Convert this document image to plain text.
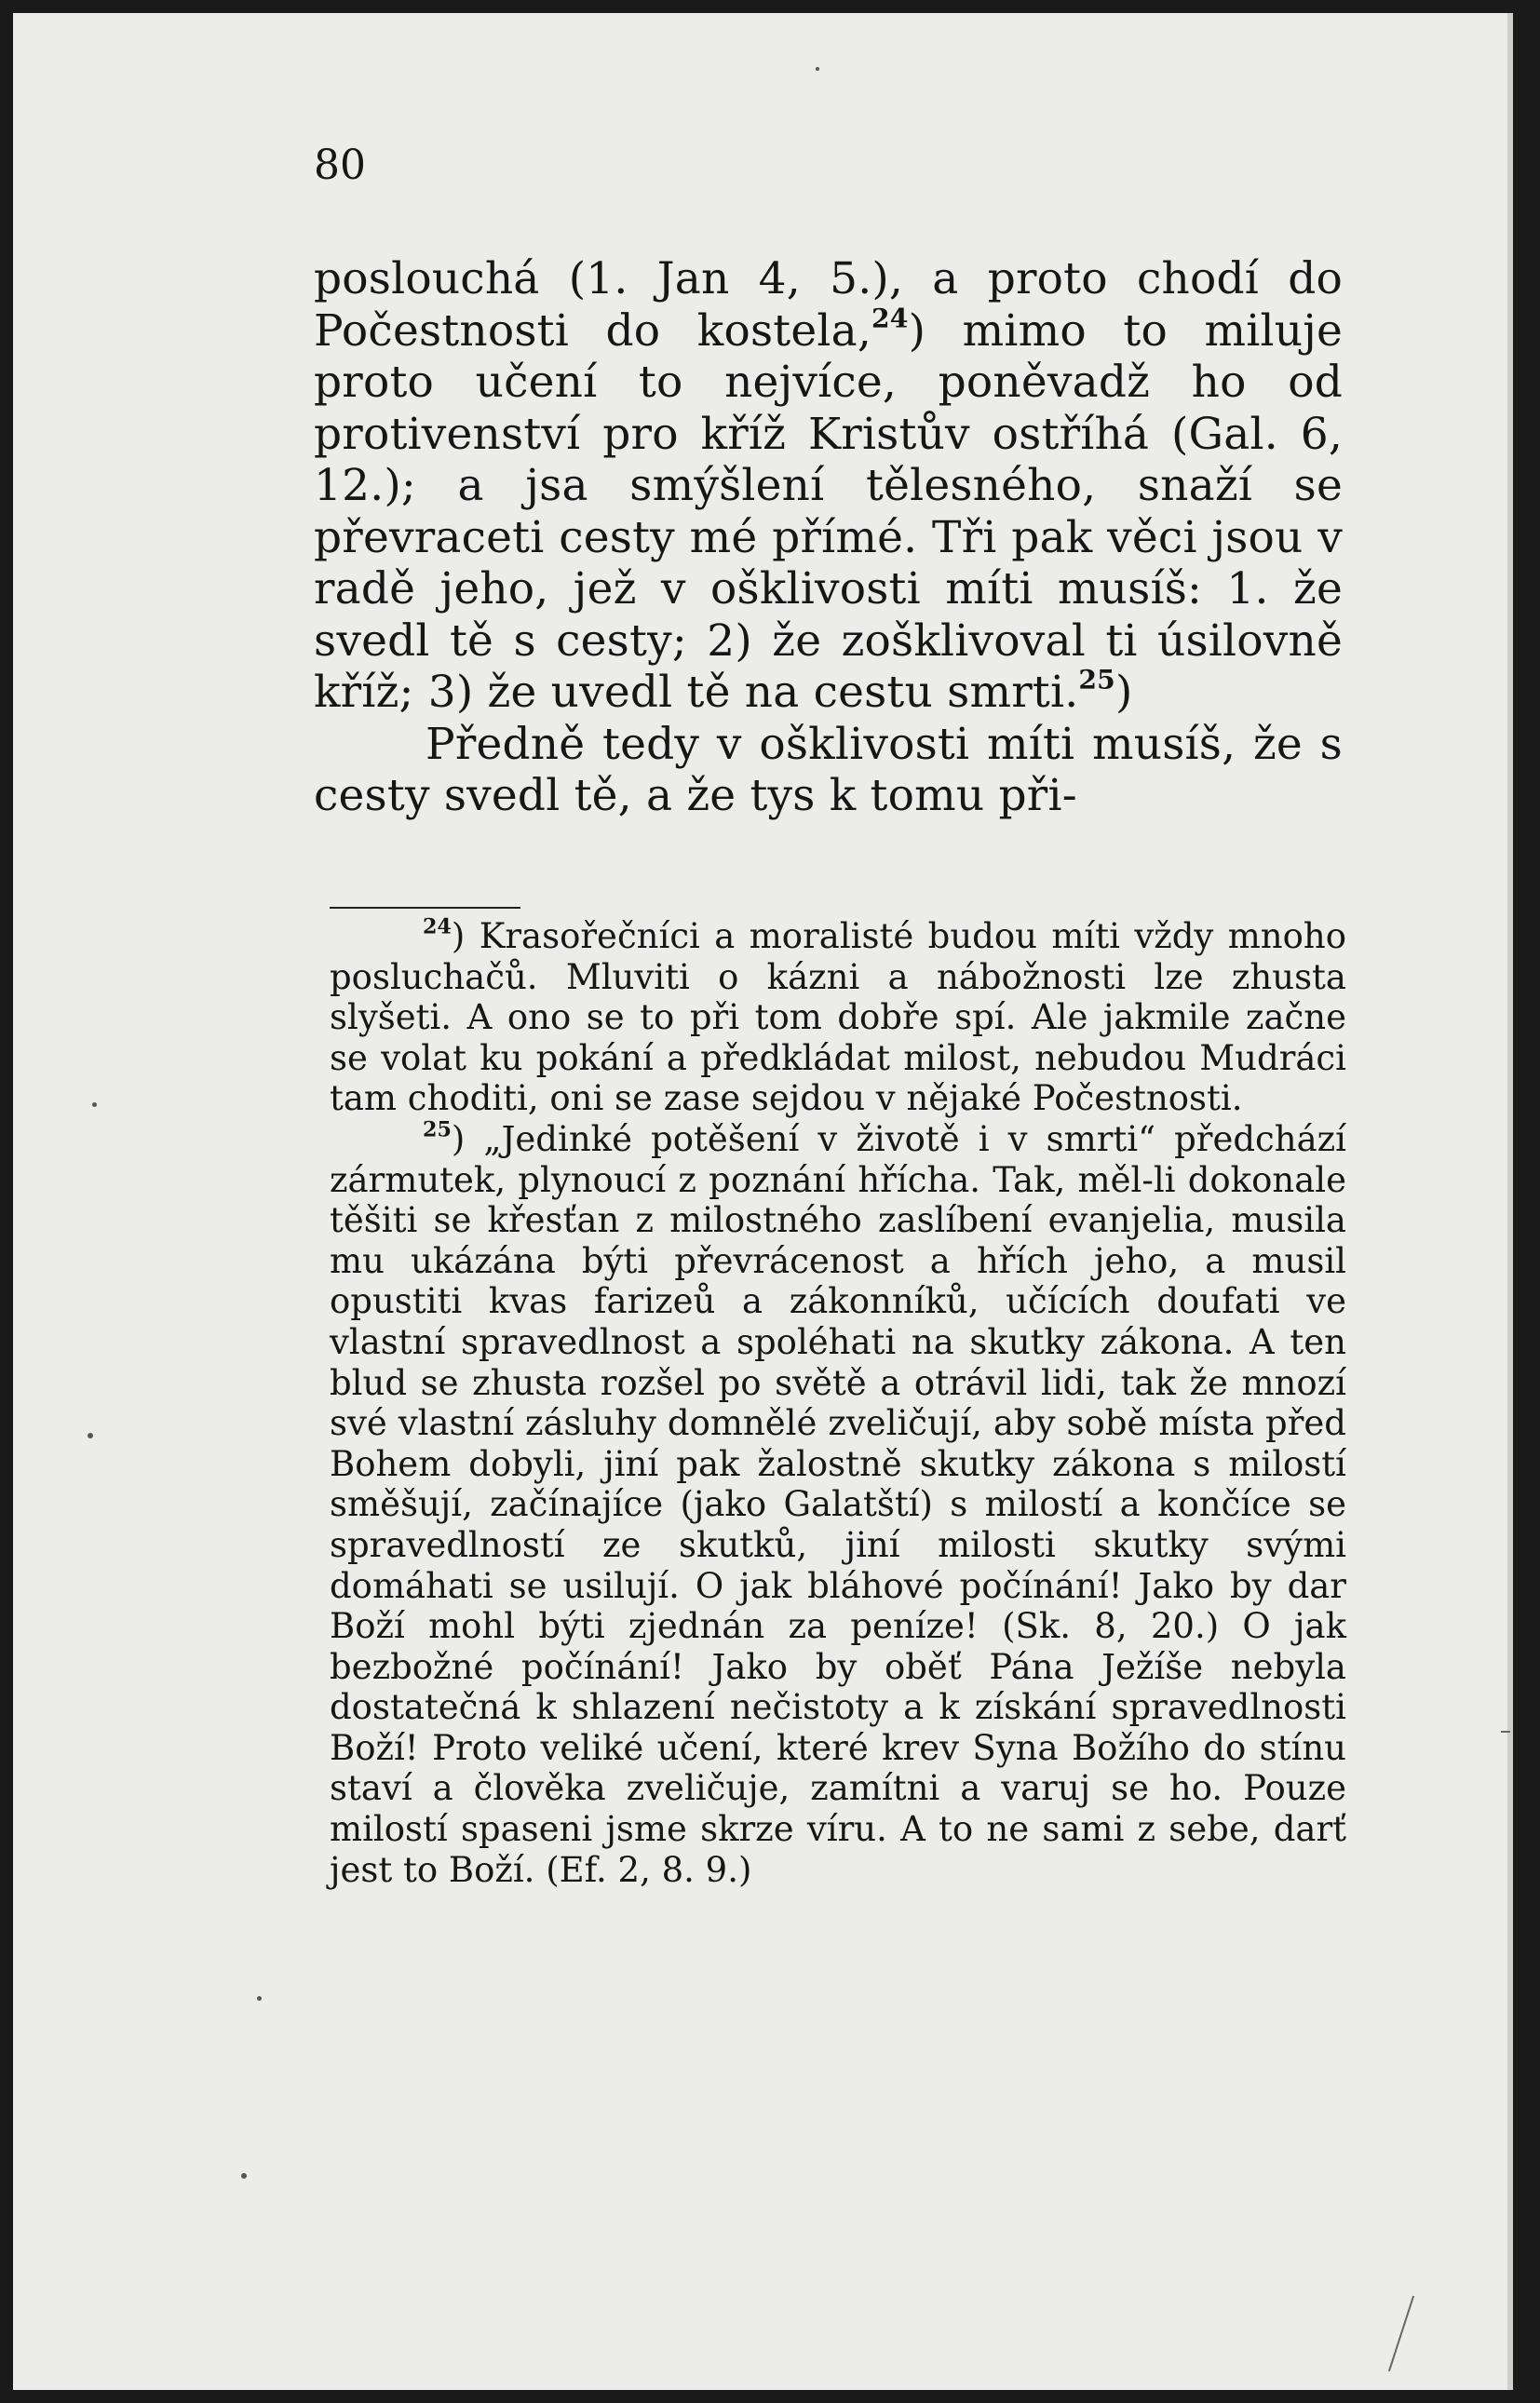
80

poslouchá (1. Jan 4, 5.), a proto chodí do Počestnosti do kostela,$^{24}$) mimo to miluje proto učení to nejvíce, poněvadž ho od protivenství pro kříž Kristův ostříhá (Gal. 6, 12.); a jsa smýšlení tělesného, snaží se převraceti cesty mé přímé. Tři pak věci jsou v radě jeho, jež v ošklivosti míti musíš: 1. že svedl tě s cesty; 2) že zošklivoval ti úsilovně kříž; 3) že uvedl tě na cestu smrti.$^{25}$)

Předně tedy v ošklivosti míti musíš, že s cesty svedl tě, a že tys k tomu při-

$^{24}$) Krasořečníci a moralisté budou míti vždy mnoho posluchačů. Mluviti o kázni a nábožnosti lze zhusta slyšeti. A ono se to při tom dobře spí. Ale jakmile začne se volat ku pokání a předkládat milost, nebudou Mudráci tam choditi, oni se zase sejdou v nějaké Počestnosti.

$^{25}$) „Jedinké potěšení v životě i v smrti“ předchází zármutek, plynoucí z poznání hřícha. Tak, měl-li dokonale těšiti se křesťan z milostného zaslíbení evanjelia, musila mu ukázána býti převrácenost a hřích jeho, a musil opustiti kvas farizeů a zákonníků, učících doufati ve vlastní spravedlnost a spoléhati na skutky zákona. A ten blud se zhusta rozšel po světě a otrávil lidi, tak že mnozí své vlastní zásluhy domnělé zveličují, aby sobě místa před Bohem dobyli, jiní pak žalostně skutky zákona s milostí směšují, začínajíce (jako Galatští) s milostí a končíce se spravedlností ze skutků, jiní milosti skutky svými domáhati se usilují. O jak bláhové počínání! Jako by dar Boží mohl býti zjednán za peníze! (Sk. 8, 20.) O jak bezbožné počínání! Jako by oběť Pána Ježíše nebyla dostatečná k shlazení nečistoty a k získání spravedlnosti Boží! Proto veliké učení, které krev Syna Božího do stínu staví a člověka zveličuje, zamítni a varuj se ho. Pouze milostí spaseni jsme skrze víru. A to ne sami z sebe, darť jest to Boží. (Ef. 2, 8. 9.)
